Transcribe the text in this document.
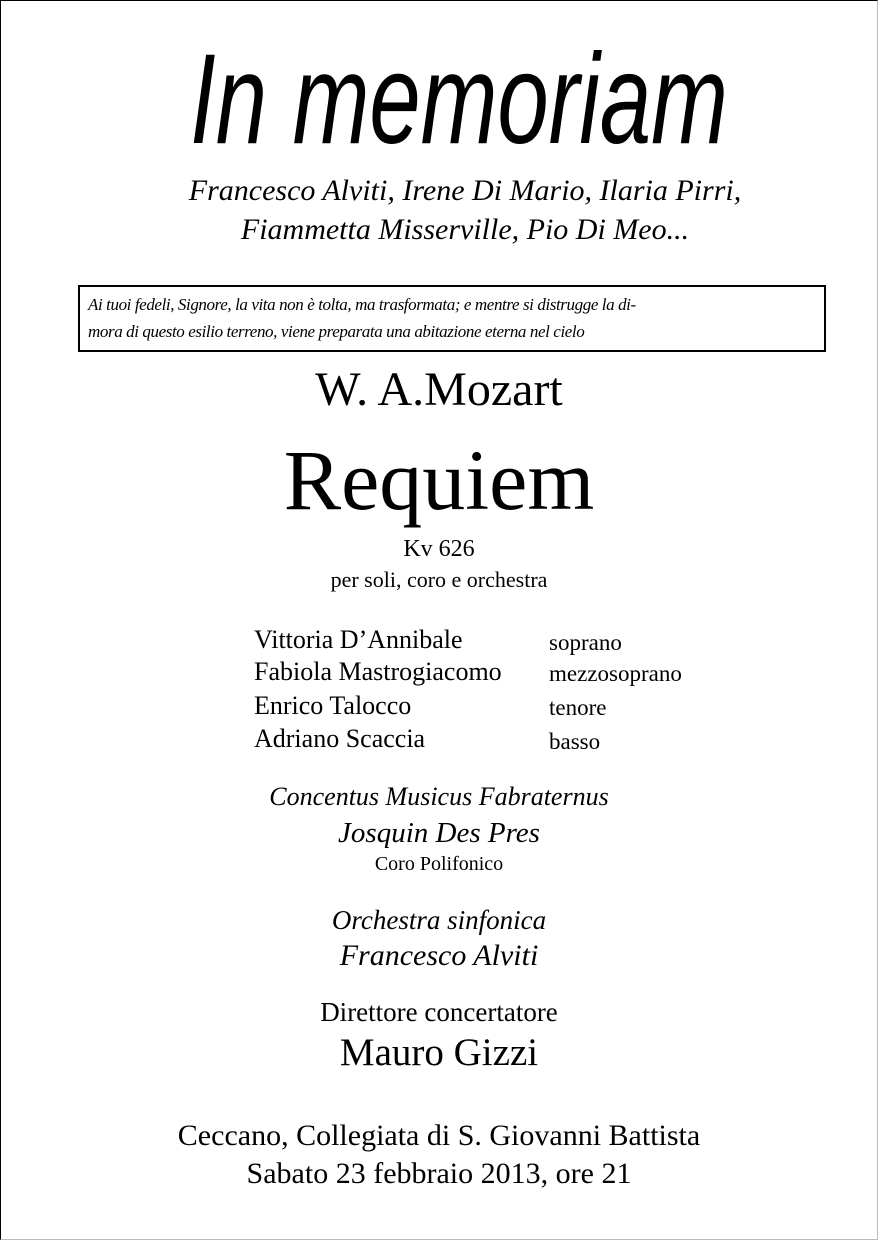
In memoriam
Francesco Alviti, Irene Di Mario, Ilaria Pirri,
Fiammetta Misserville, Pio Di Meo...
Ai tuoi fedeli, Signore, la vita non è tolta, ma trasformata; e mentre si distrugge la di-
mora di questo esilio terreno, viene preparata una abitazione eterna nel cielo
W. A.Mozart
Requiem
Kv 626
per soli, coro e orchestra
Vittoria D’Annibale	soprano
Fabiola Mastrogiacomo mezzosoprano
Enrico Talocco	tenore
Adriano Scaccia	basso
Concentus Musicus Fabraternus
Josquin Des Pres
Coro Polifonico
Orchestra sinfonica
Francesco Alviti
Direttore concertatore
Mauro Gizzi
Ceccano, Collegiata di S. Giovanni Battista
Sabato 23 febbraio 2013, ore 21
